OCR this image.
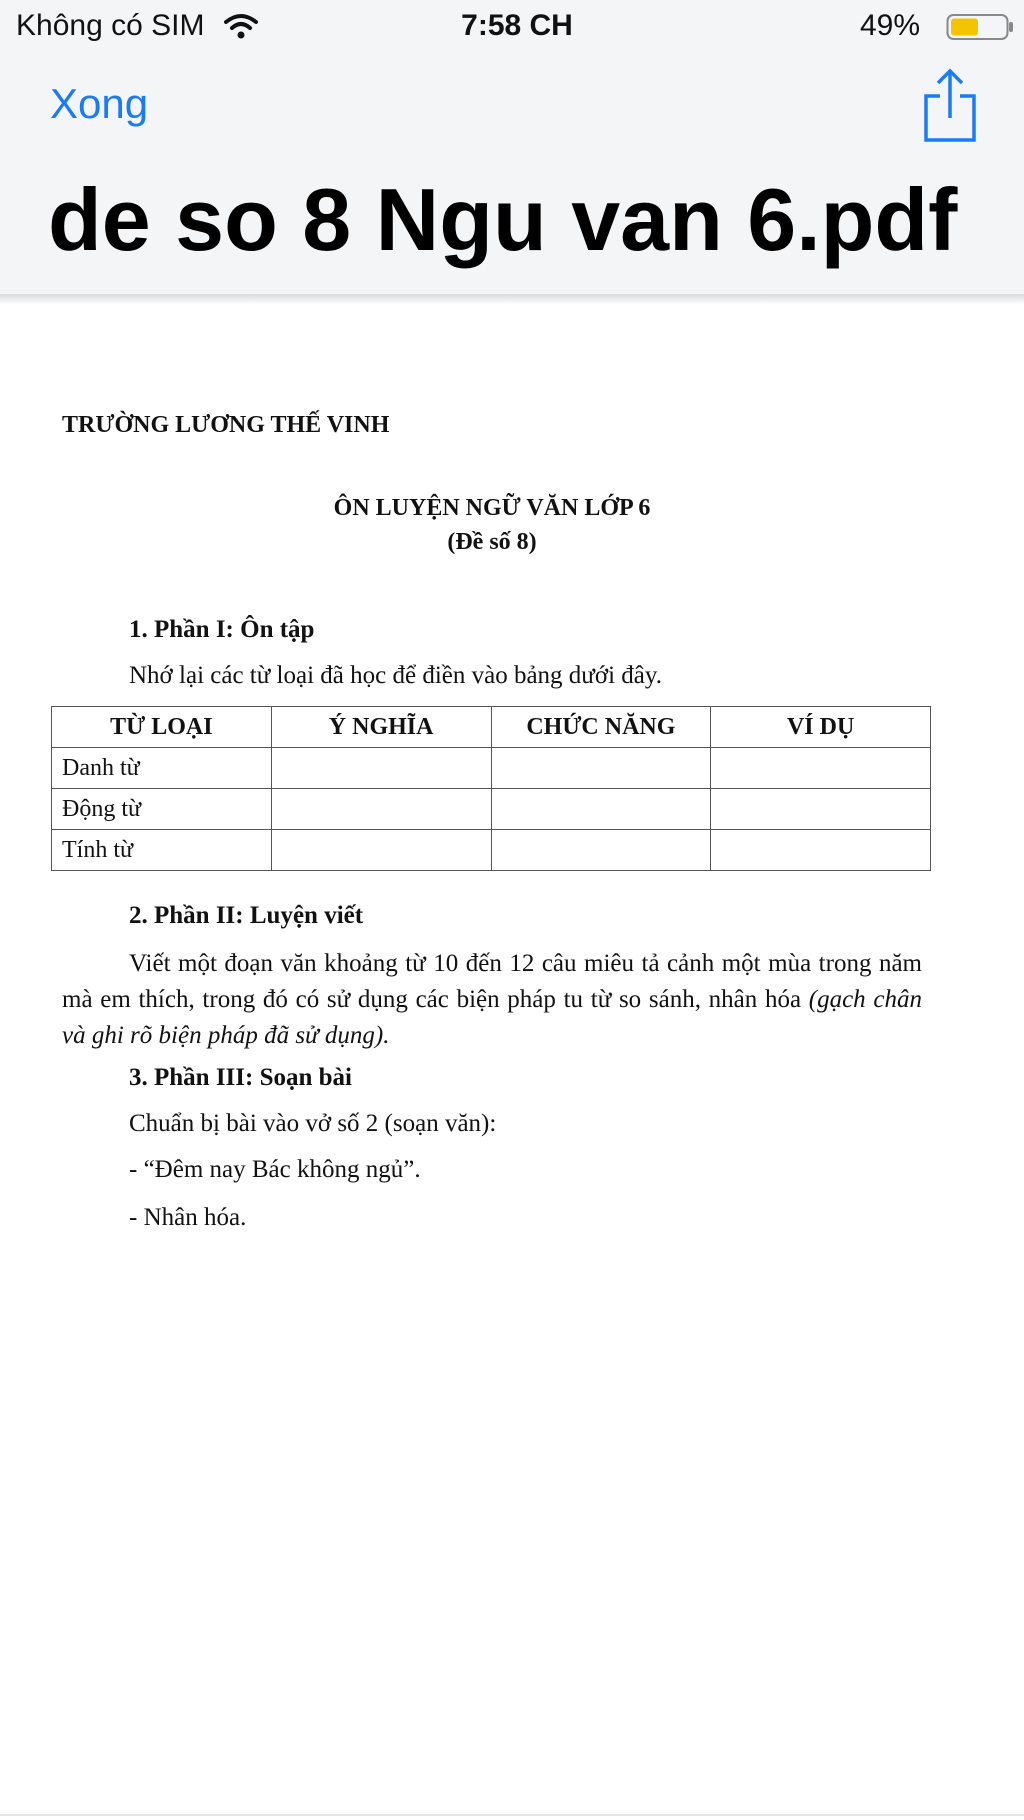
Không có SIM	7:58 CH	49%
Xong
de so 8 Ngu van 6.pdf
TRƯỜNG LƯƠNG THẾ VINH
ÔN LUYỆN NGỮ VĂN LỚP 6
(Đề số 8)
1. Phần I: Ôn tập
Nhớ lại các từ loại đã học để điền vào bảng dưới đây.
TỪ LOẠI	Ý NGHĨA	CHỨC NĂNG	VÍ DỤ
Danh từ			
Động từ			
Tính từ			
2. Phần II: Luyện viết
Viết một đoạn văn khoảng từ 10 đến 12 câu miêu tả cảnh một mùa trong năm mà em thích, trong đó có sử dụng các biện pháp tu từ so sánh, nhân hóa (gạch chân và ghi rõ biện pháp đã sử dụng).
3. Phần III: Soạn bài
Chuẩn bị bài vào vở số 2 (soạn văn):
- “Đêm nay Bác không ngủ”.
- Nhân hóa.
